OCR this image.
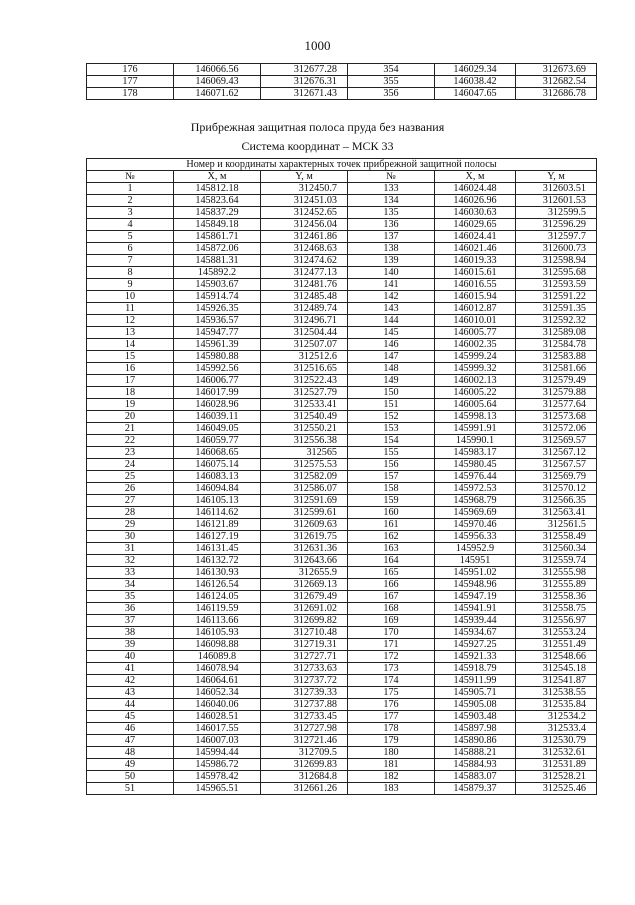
1000
176	146066.56	312677.28	354	146029.34	312673.69
177	146069.43	312676.31	355	146038.42	312682.54
178	146071.62	312671.43	356	146047.65	312686.78
Прибрежная защитная полоса пруда без названия
Система координат – МСК 33
Номер и координаты характерных точек прибрежной защитной полосы					
№	X, м	Y, м	№	X, м	Y, м
1	145812.18	312450.7	133	146024.48	312603.51
2	145823.64	312451.03	134	146026.96	312601.53
3	145837.29	312452.65	135	146030.63	312599.5
4	145849.18	312456.04	136	146029.65	312596.29
5	145861.71	312461.86	137	146024.41	312597.7
6	145872.06	312468.63	138	146021.46	312600.73
7	145881.31	312474.62	139	146019.33	312598.94
8	145892.2	312477.13	140	146015.61	312595.68
9	145903.67	312481.76	141	146016.55	312593.59
10	145914.74	312485.48	142	146015.94	312591.22
11	145926.35	312489.74	143	146012.87	312591.35
12	145936.57	312496.71	144	146010.01	312592.32
13	145947.77	312504.44	145	146005.77	312589.08
14	145961.39	312507.07	146	146002.35	312584.78
15	145980.88	312512.6	147	145999.24	312583.88
16	145992.56	312516.65	148	145999.32	312581.66
17	146006.77	312522.43	149	146002.13	312579.49
18	146017.99	312527.79	150	146005.22	312579.88
19	146028.96	312533.41	151	146005.64	312577.64
20	146039.11	312540.49	152	145998.13	312573.68
21	146049.05	312550.21	153	145991.91	312572.06
22	146059.77	312556.38	154	145990.1	312569.57
23	146068.65	312565	155	145983.17	312567.12
24	146075.14	312575.53	156	145980.45	312567.57
25	146083.13	312582.09	157	145976.44	312569.79
26	146094.84	312586.07	158	145972.53	312570.12
27	146105.13	312591.69	159	145968.79	312566.35
28	146114.62	312599.61	160	145969.69	312563.41
29	146121.89	312609.63	161	145970.46	312561.5
30	146127.19	312619.75	162	145956.33	312558.49
31	146131.45	312631.36	163	145952.9	312560.34
32	146132.72	312643.66	164	145951	312559.74
33	146130.93	312655.9	165	145951.02	312555.98
34	146126.54	312669.13	166	145948.96	312555.89
35	146124.05	312679.49	167	145947.19	312558.36
36	146119.59	312691.02	168	145941.91	312558.75
37	146113.66	312699.82	169	145939.44	312556.97
38	146105.93	312710.48	170	145934.67	312553.24
39	146098.88	312719.31	171	145927.25	312551.49
40	146089.8	312727.71	172	145921.33	312548.66
41	146078.94	312733.63	173	145918.79	312545.18
42	146064.61	312737.72	174	145911.99	312541.87
43	146052.34	312739.33	175	145905.71	312538.55
44	146040.06	312737.88	176	145905.08	312535.84
45	146028.51	312733.45	177	145903.48	312534.2
46	146017.55	312727.98	178	145897.98	312533.4
47	146007.03	312721.46	179	145890.86	312530.79
48	145994.44	312709.5	180	145888.21	312532.61
49	145986.72	312699.83	181	145884.93	312531.89
50	145978.42	312684.8	182	145883.07	312528.21
51	145965.51	312661.26	183	145879.37	312525.46
